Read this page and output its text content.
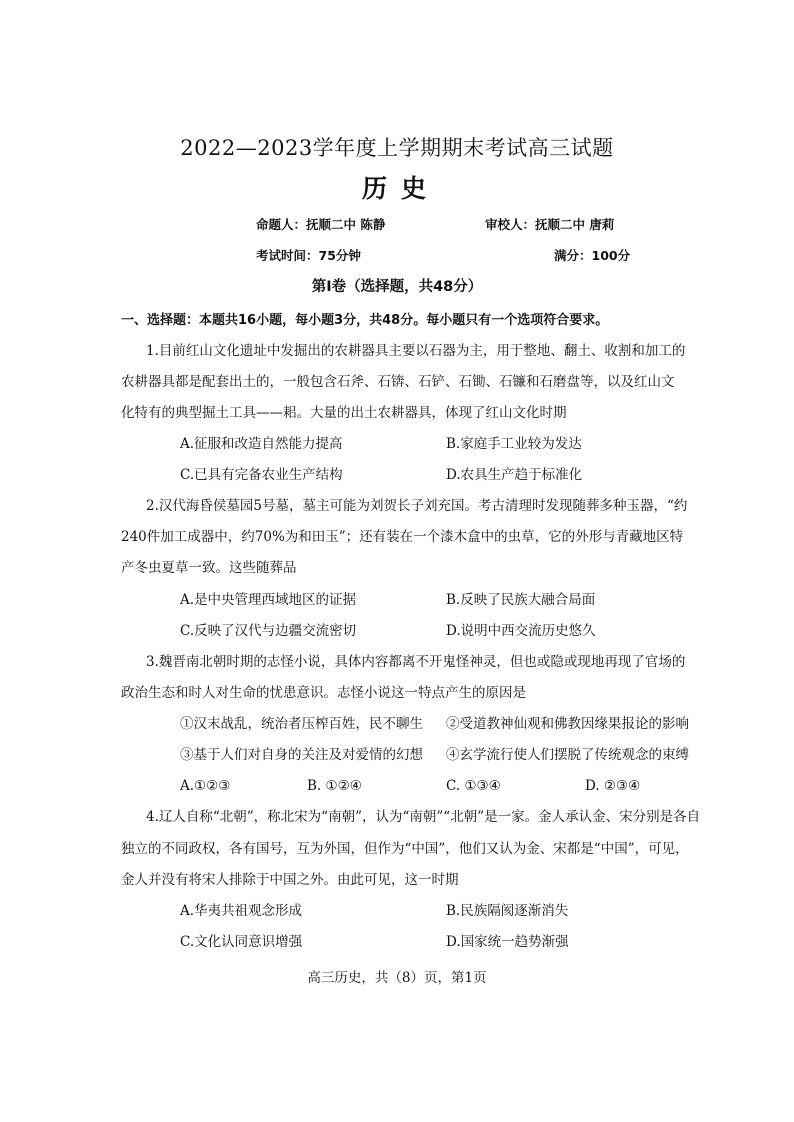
2022—2023学年度上学期期末考试高三试题
历史
命题人：抚顺二中 陈静	审校人：抚顺二中 唐莉
考试时间：75分钟	满分：100分
第I卷（选择题，共48分）
一、选择题：本题共16小题，每小题3分，共48分。每小题只有一个选项符合要求。
1.目前红山文化遗址中发掘出的农耕器具主要以石器为主，用于整地、翻土、收割和加工的
农耕器具都是配套出土的，一般包含石斧、石锛、石铲、石锄、石镰和石磨盘等，以及红山文
化特有的典型掘土工具——耜。大量的出土农耕器具，体现了红山文化时期
A.征服和改造自然能力提高	B.家庭手工业较为发达
C.已具有完备农业生产结构	D.农具生产趋于标准化
2.汉代海昏侯墓园5号墓，墓主可能为刘贺长子刘充国。考古清理时发现随葬多种玉器，“约
240件加工成器中，约70%为和田玉”；还有装在一个漆木盒中的虫草，它的外形与青藏地区特
产冬虫夏草一致。这些随葬品
A.是中央管理西域地区的证据	B.反映了民族大融合局面
C.反映了汉代与边疆交流密切	D.说明中西交流历史悠久
3.魏晋南北朝时期的志怪小说，具体内容都离不开鬼怪神灵，但也或隐或现地再现了官场的
政治生态和时人对生命的忧患意识。志怪小说这一特点产生的原因是
①汉末战乱，统治者压榨百姓，民不聊生 ②受道教神仙观和佛教因缘果报论的影响
③基于人们对自身的关注及对爱情的幻想 ④玄学流行使人们摆脱了传统观念的束缚
A.①②③	B. ①②④	C. ①③④	D. ②③④
4.辽人自称“北朝”，称北宋为“南朝”，认为“南朝”“北朝”是一家。金人承认金、宋分别是各自
独立的不同政权，各有国号，互为外国，但作为“中国”，他们又认为金、宋都是“中国”，可见，
金人并没有将宋人排除于中国之外。由此可见，这一时期
A.华夷共祖观念形成	B.民族隔阂逐渐消失
C.文化认同意识增强	D.国家统一趋势渐强
高三历史，共（8）页，第1页
